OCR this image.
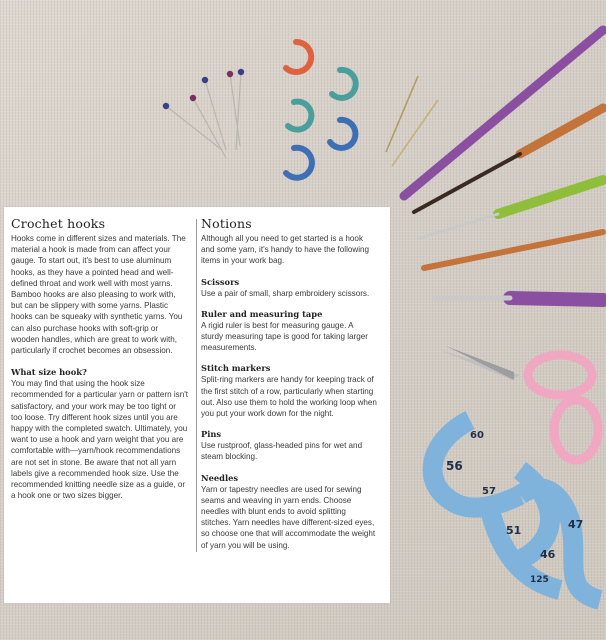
56
60
57
51	47
46
125
Crochet hooks

Hooks come in different sizes and materials. The material a hook is made from can affect your gauge. To start out, it's best to use aluminum hooks, as they have a pointed head and well-defined throat and work well with most yarns. Bamboo hooks are also pleasing to work with, but can be slippery with some yarns. Plastic hooks can be squeaky with synthetic yarns. You can also purchase hooks with soft-grip or wooden handles, which are great to work with, particularly if crochet becomes an obsession.

What size hook?

You may find that using the hook size recommended for a particular yarn or pattern isn't satisfactory, and your work may be too tight or too loose. Try different hook sizes until you are happy with the completed swatch. Ultimately, you want to use a hook and yarn weight that you are comfortable with—yarn/hook recommendations are not set in stone. Be aware that not all yarn labels give a recommended hook size. Use the recommended knitting needle size as a guide, or a hook one or two sizes bigger.

Notions

Although all you need to get started is a hook and some yarn, it's handy to have the following items in your work bag.

Scissors

Use a pair of small, sharp embroidery scissors.

Ruler and measuring tape

A rigid ruler is best for measuring gauge. A sturdy measuring tape is good for taking larger measurements.

Stitch markers

Split-ring markers are handy for keeping track of the first stitch of a row, particularly when starting out. Also use them to hold the working loop when you put your work down for the night.

Pins

Use rustproof, glass-headed pins for wet and steam blocking.

Needles

Yarn or tapestry needles are used for sewing seams and weaving in yarn ends. Choose needles with blunt ends to avoid splitting stitches. Yarn needles have different-sized eyes, so choose one that will accommodate the weight of yarn you will be using.
